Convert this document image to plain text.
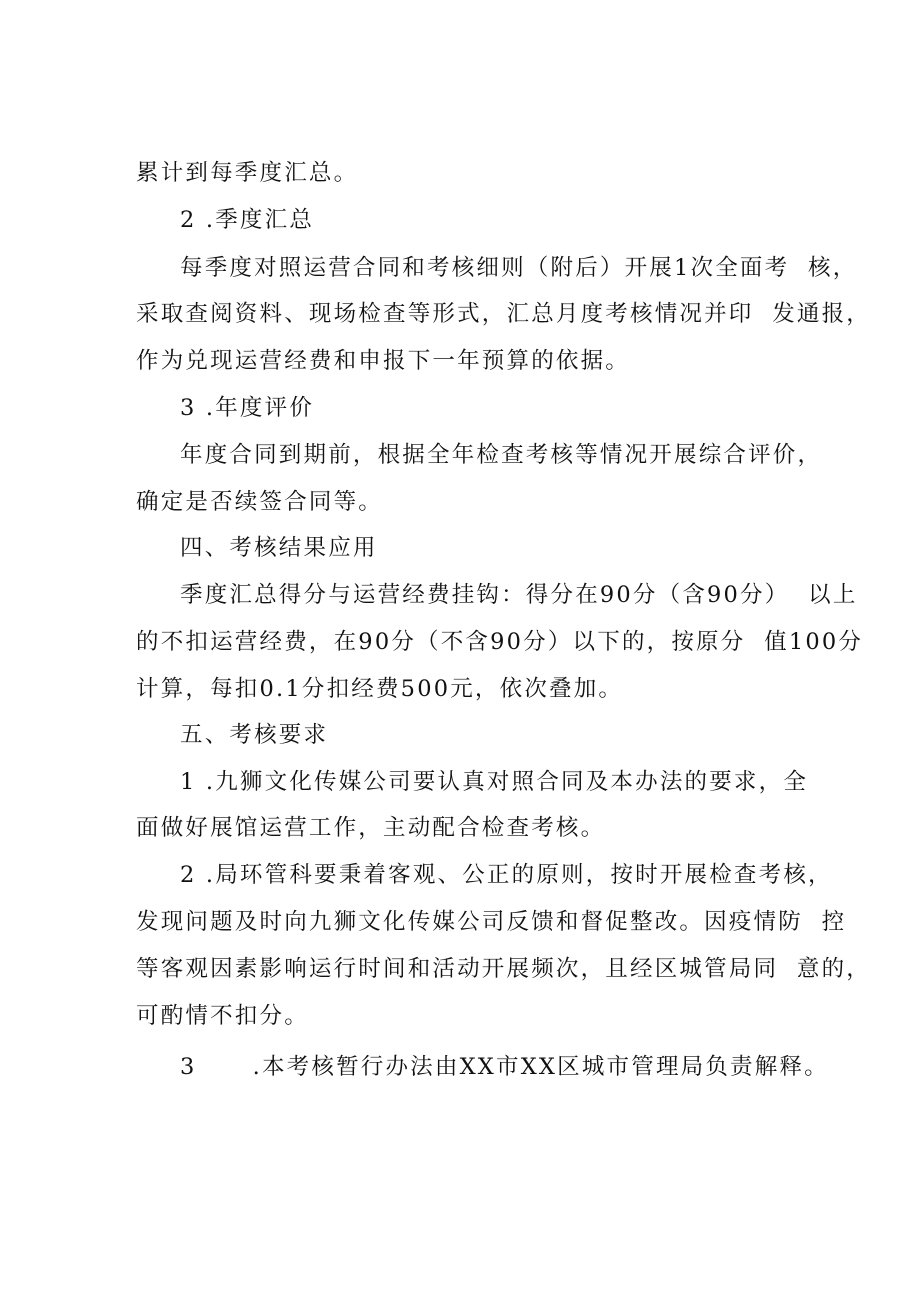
累计到每季度汇总。
2 .季度汇总
每季度对照运营合同和考核细则（附后）开展1次全面考  核，
采取查阅资料、现场检查等形式，汇总月度考核情况并印  发通报，
作为兑现运营经费和申报下一年预算的依据。
3 .年度评价
年度合同到期前，根据全年检查考核等情况开展综合评价，
确定是否续签合同等。
四、考核结果应用
季度汇总得分与运营经费挂钩：得分在90分（含90分）  以上
的不扣运营经费，在90分（不含90分）以下的，按原分  值100分
计算，每扣0.1分扣经费500元，依次叠加。
五、考核要求
1 .九狮文化传媒公司要认真对照合同及本办法的要求，全
面做好展馆运营工作，主动配合检查考核。
2 .局环管科要秉着客观、公正的原则，按时开展检查考核，
发现问题及时向九狮文化传媒公司反馈和督促整改。因疫情防  控
等客观因素影响运行时间和活动开展频次，且经区城管局同  意的，
可酌情不扣分。
3      .本考核暂行办法由XX市XX区城市管理局负责解释。
